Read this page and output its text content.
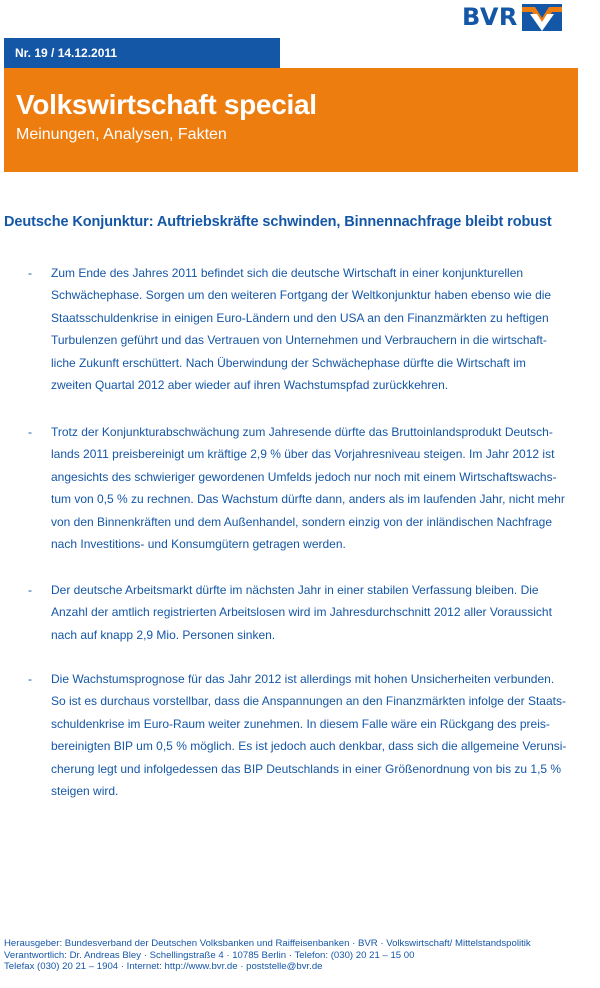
BVR
Nr. 19 / 14.12.2011
Volkswirtschaft special
Meinungen, Analysen, Fakten
Deutsche Konjunktur: Auftriebskräfte schwinden, Binnennachfrage bleibt robust
- Zum Ende des Jahres 2011 befindet sich die deutsche Wirtschaft in einer konjunkturellen
Schwächephase. Sorgen um den weiteren Fortgang der Weltkonjunktur haben ebenso wie die
Staatsschuldenkrise in einigen Euro-Ländern und den USA an den Finanzmärkten zu heftigen
Turbulenzen geführt und das Vertrauen von Unternehmen und Verbrauchern in die wirtschaft-
liche Zukunft erschüttert. Nach Überwindung der Schwächephase dürfte die Wirtschaft im
zweiten Quartal 2012 aber wieder auf ihren Wachstumspfad zurückkehren.
- Trotz der Konjunkturabschwächung zum Jahresende dürfte das Bruttoinlandsprodukt Deutsch-
lands 2011 preisbereinigt um kräftige 2,9 % über das Vorjahresniveau steigen. Im Jahr 2012 ist
angesichts des schwieriger gewordenen Umfelds jedoch nur noch mit einem Wirtschaftswachs-
tum von 0,5 % zu rechnen. Das Wachstum dürfte dann, anders als im laufenden Jahr, nicht mehr
von den Binnenkräften und dem Außenhandel, sondern einzig von der inländischen Nachfrage
nach Investitions- und Konsumgütern getragen werden.
- Der deutsche Arbeitsmarkt dürfte im nächsten Jahr in einer stabilen Verfassung bleiben. Die
Anzahl der amtlich registrierten Arbeitslosen wird im Jahresdurchschnitt 2012 aller Voraussicht
nach auf knapp 2,9 Mio. Personen sinken.
- Die Wachstumsprognose für das Jahr 2012 ist allerdings mit hohen Unsicherheiten verbunden.
So ist es durchaus vorstellbar, dass die Anspannungen an den Finanzmärkten infolge der Staats-
schuldenkrise im Euro-Raum weiter zunehmen. In diesem Falle wäre ein Rückgang des preis-
bereinigten BIP um 0,5 % möglich. Es ist jedoch auch denkbar, dass sich die allgemeine Verunsi-
cherung legt und infolgedessen das BIP Deutschlands in einer Größenordnung von bis zu 1,5 %
steigen wird.
Herausgeber: Bundesverband der Deutschen Volksbanken und Raiffeisenbanken · BVR · Volkswirtschaft/ Mittelstandspolitik
Verantwortlich: Dr. Andreas Bley · Schellingstraße 4 · 10785 Berlin · Telefon: (030) 20 21 – 15 00
Telefax (030) 20 21 – 1904 · Internet: http://www.bvr.de · poststelle@bvr.de
